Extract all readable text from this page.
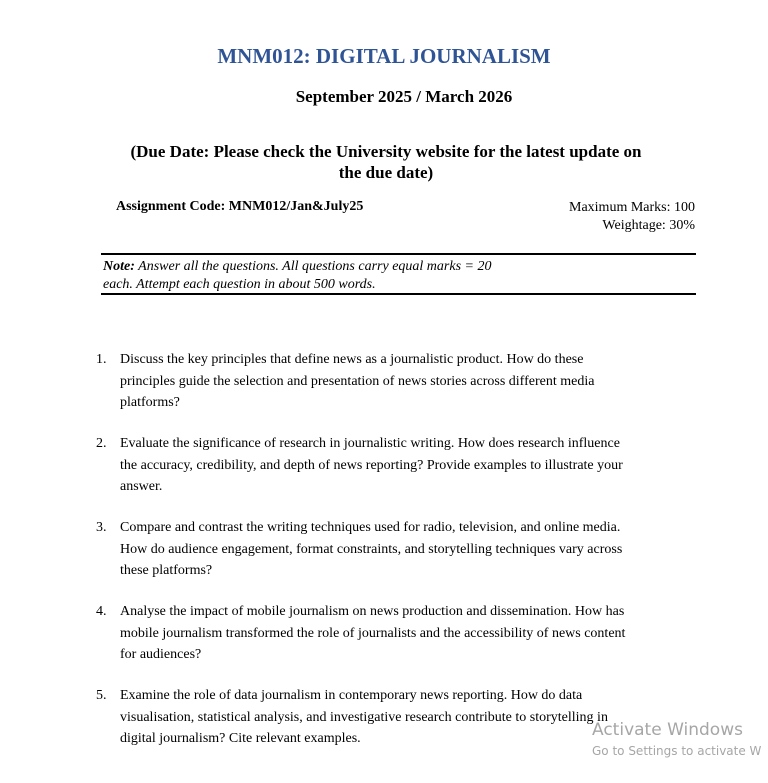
MNM012: DIGITAL JOURNALISM
September 2025 / March 2026
(Due Date: Please check the University website for the latest update on
the due date)
Assignment Code: MNM012/Jan&July25	Maximum Marks: 100
Weightage: 30%
Note: Answer all the questions. All questions carry equal marks = 20
each. Attempt each question in about 500 words.
1. Discuss the key principles that define news as a journalistic product. How do these
principles guide the selection and presentation of news stories across different media
platforms?
2. Evaluate the significance of research in journalistic writing. How does research influence
the accuracy, credibility, and depth of news reporting? Provide examples to illustrate your
answer.
3. Compare and contrast the writing techniques used for radio, television, and online media.
How do audience engagement, format constraints, and storytelling techniques vary across
these platforms?
4. Analyse the impact of mobile journalism on news production and dissemination. How has
mobile journalism transformed the role of journalists and the accessibility of news content
for audiences?
5. Examine the role of data journalism in contemporary news reporting. How do data
visualisation, statistical analysis, and investigative research contribute to storytelling in
digital journalism? Cite relevant examples.	Activate Windows
Go to Settings to activate W
